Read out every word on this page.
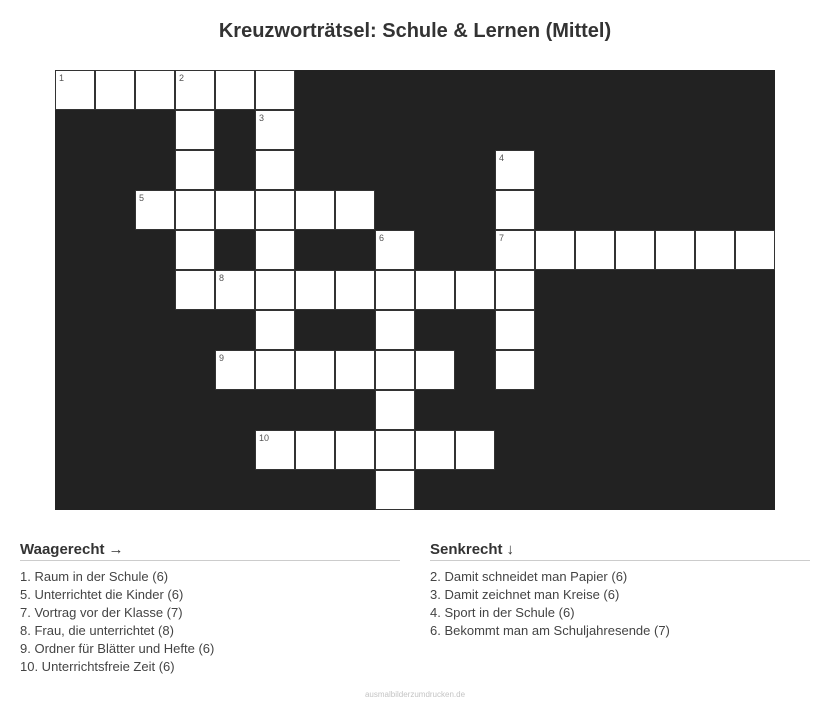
Kreuzworträtsel: Schule & Lernen (Mittel)
1	2
5
7
8
9
10
3
4
6
Waagerecht →
1. Raum in der Schule (6)
5. Unterrichtet die Kinder (6)
7. Vortrag vor der Klasse (7)
8. Frau, die unterrichtet (8)
9. Ordner für Blätter und Hefte (6)
10. Unterrichtsfreie Zeit (6)
Senkrecht ↓
2. Damit schneidet man Papier (6)
3. Damit zeichnet man Kreise (6)
4. Sport in der Schule (6)
6. Bekommt man am Schuljahresende (7)
ausmalbilderzumdrucken.de
